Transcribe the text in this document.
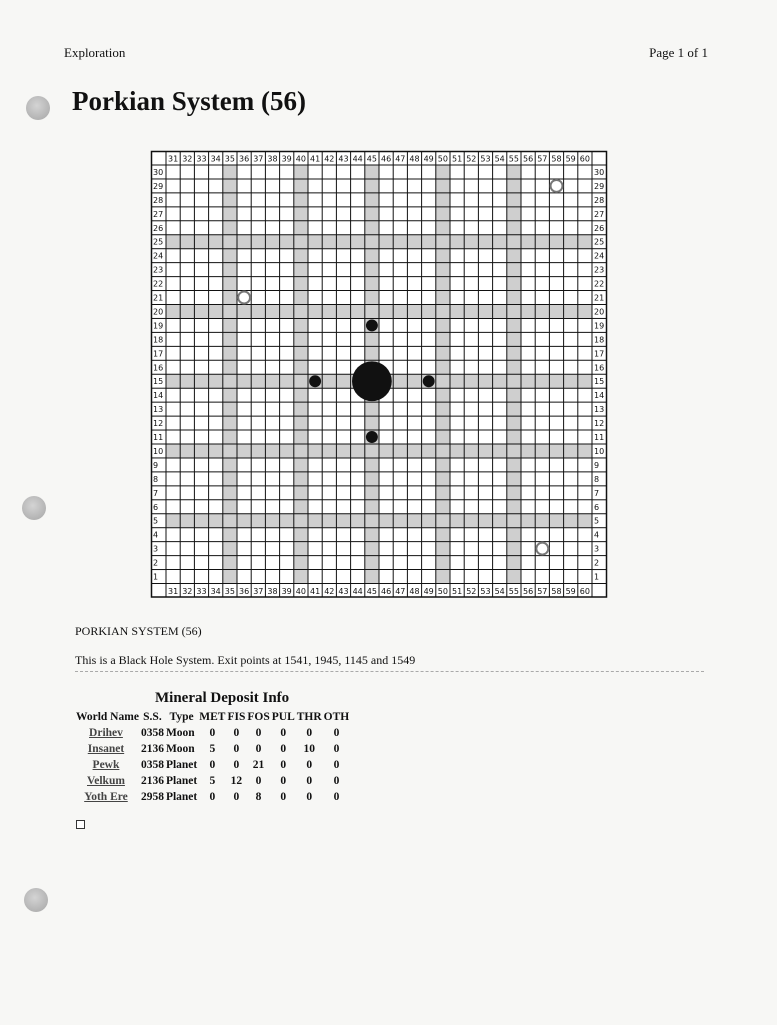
Exploration	Page 1 of 1
Porkian System (56)
31
31
32
32
33
33
34
34
35
35
36
36
37
37
38
38
39
39
40
40
41
41
42
42
43
43
44
44
45
45
46
46
47
47
48
48
49
49
50
50
51
51
52
52
53
53
54
54
55
55
56
56
57
57
58
58
59
59
60
60
30	30
29	29
28	28
27	27
26	26
25	25
24	24
23	23
22	22
21	21
20	20
19	19
18	18
17	17
16	16
15	15
14	14
13	13
12	12
11	11
10	10
9	9
8	8
7	7
6	6
5	5
4	4
3	3
2	2
1	1
PORKIAN SYSTEM (56)
This is a Black Hole System. Exit points at 1541, 1945, 1145 and 1549
Mineral Deposit Info
World Name	S.S.	Type	MET	FIS	FOS	PUL	THR	OTH
Drihev	0358	Moon	0	0	0	0	0	0
Insanet	2136	Moon	5	0	0	0	10	0
Pewk	0358	Planet	0	0	21	0	0	0
Velkum	2136	Planet	5	12	0	0	0	0
Yoth Ere	2958	Planet	0	0	8	0	0	0
